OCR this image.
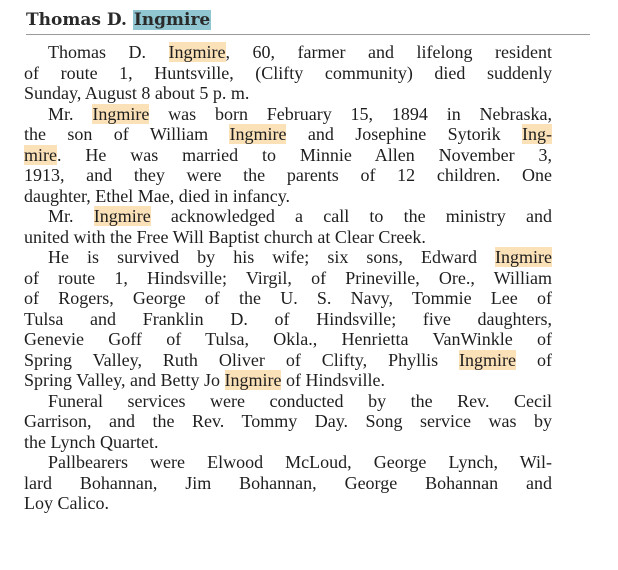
Thomas D. Ingmire
Thomas D. Ingmire, 60, farmer and lifelong resident
of route 1, Huntsville, (Clifty community) died suddenly
Sunday, August 8 about 5 p. m.
Mr. Ingmire was born February 15, 1894 in Nebraska,
the son of William Ingmire and Josephine Sytorik Ing-
mire. He was married to Minnie Allen November 3,
1913, and they were the parents of 12 children. One
daughter, Ethel Mae, died in infancy.
Mr. Ingmire acknowledged a call to the ministry and
united with the Free Will Baptist church at Clear Creek.
He is survived by his wife; six sons, Edward Ingmire
of route 1, Hindsville; Virgil, of Prineville, Ore., William
of Rogers, George of the U. S. Navy, Tommie Lee of
Tulsa and Franklin D. of Hindsville; five daughters,
Genevie Goff of Tulsa, Okla., Henrietta VanWinkle of
Spring Valley, Ruth Oliver of Clifty, Phyllis Ingmire of
Spring Valley, and Betty Jo Ingmire of Hindsville.
Funeral services were conducted by the Rev. Cecil
Garrison, and the Rev. Tommy Day. Song service was by
the Lynch Quartet.
Pallbearers were Elwood McLoud, George Lynch, Wil-
lard Bohannan, Jim Bohannan, George Bohannan and
Loy Calico.
